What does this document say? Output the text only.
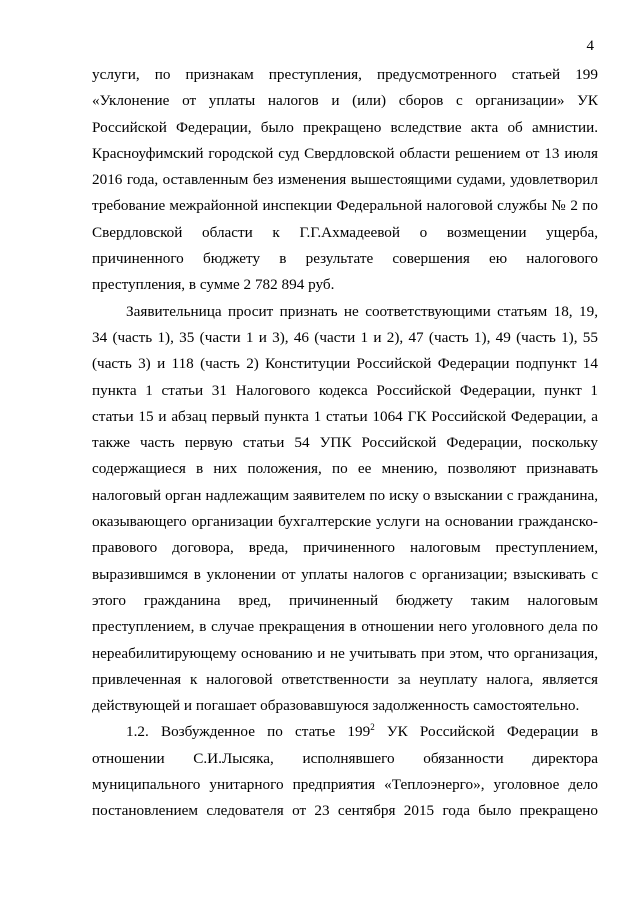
4
услуги, по признакам преступления, предусмотренного статьей 199
«Уклонение от уплаты налогов и (или) сборов с организации» УК
Российской Федерации, было прекращено вследствие акта об амнистии.
Красноуфимский городской суд Свердловской области решением от 13 июля
2016 года, оставленным без изменения вышестоящими судами, удовлетворил
требование межрайонной инспекции Федеральной налоговой службы № 2 по
Свердловской области к Г.Г.Ахмадеевой о возмещении ущерба,
причиненного бюджету в результате совершения ею налогового
преступления, в сумме 2 782 894 руб.
Заявительница просит признать не соответствующими статьям 18, 19,
34 (часть 1), 35 (части 1 и 3), 46 (части 1 и 2), 47 (часть 1), 49 (часть 1), 55
(часть 3) и 118 (часть 2) Конституции Российской Федерации подпункт 14
пункта 1 статьи 31 Налогового кодекса Российской Федерации, пункт 1
статьи 15 и абзац первый пункта 1 статьи 1064 ГК Российской Федерации, а
также часть первую статьи 54 УПК Российской Федерации, поскольку
содержащиеся в них положения, по ее мнению, позволяют признавать
налоговый орган надлежащим заявителем по иску о взыскании с гражданина,
оказывающего организации бухгалтерские услуги на основании гражданско-
правового договора, вреда, причиненного налоговым преступлением,
выразившимся в уклонении от уплаты налогов с организации; взыскивать с
этого гражданина вред, причиненный бюджету таким налоговым
преступлением, в случае прекращения в отношении него уголовного дела по
нереабилитирующему основанию и не учитывать при этом, что организация,
привлеченная к налоговой ответственности за неуплату налога, является
действующей и погашает образовавшуюся задолженность самостоятельно.
1.2. Возбужденное по статье $199^2$ УК Российской Федерации в
отношении С.И.Лысяка, исполнявшего обязанности директора
муниципального унитарного предприятия «Теплоэнерго», уголовное дело
постановлением следователя от 23 сентября 2015 года было прекращено
